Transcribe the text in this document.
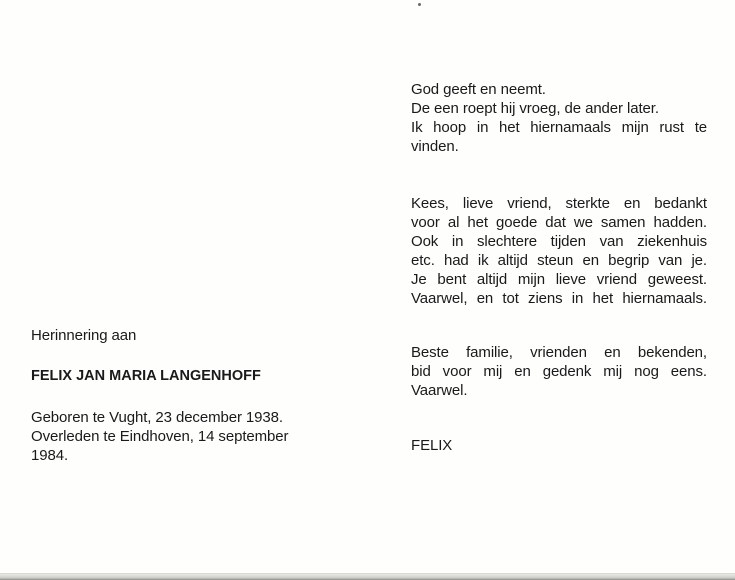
Herinnering aan
FELIX JAN MARIA LANGENHOFF
Geboren te Vught, 23 december 1938.
Overleden te Eindhoven, 14 september
1984.
God geeft en neemt.
De een roept hij vroeg, de ander later.
Ik hoop in het hiernamaals mijn rust te
vinden.
Kees, lieve vriend, sterkte en bedankt
voor al het goede dat we samen hadden.
Ook in slechtere tijden van ziekenhuis
etc. had ik altijd steun en begrip van je.
Je bent altijd mijn lieve vriend geweest.
Vaarwel, en tot ziens in het hiernamaals.
Beste familie, vrienden en bekenden,
bid voor mij en gedenk mij nog eens.
Vaarwel.
FELIX
